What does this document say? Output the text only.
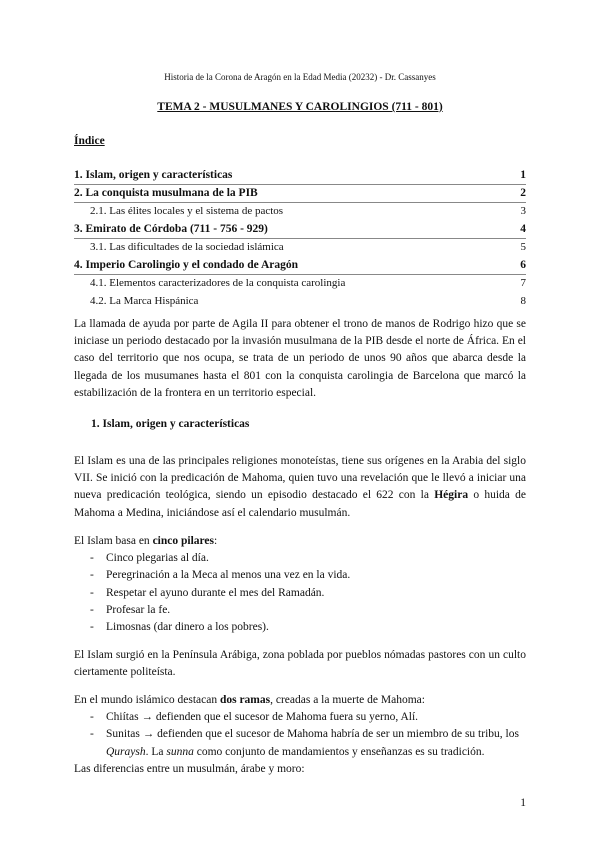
Historia de la Corona de Aragón en la Edad Media (20232) - Dr. Cassanyes
TEMA 2 - MUSULMANES Y CAROLINGIOS (711 - 801)
Índice
1. Islam, origen y características	1
2. La conquista musulmana de la PIB	2
2.1. Las élites locales y el sistema de pactos	3
3. Emirato de Córdoba (711 - 756 - 929)	4
3.1. Las dificultades de la sociedad islámica	5
4. Imperio Carolingio y el condado de Aragón	6
4.1. Elementos caracterizadores de la conquista carolingia	7
4.2. La Marca Hispánica	8
La llamada de ayuda por parte de Agila II para obtener el trono de manos de Rodrigo hizo que se iniciase un periodo destacado por la invasión musulmana de la PIB desde el norte de África. En el caso del territorio que nos ocupa, se trata de un periodo de unos 90 años que abarca desde la llegada de los musumanes hasta el 801 con la conquista carolingia de Barcelona que marcó la estabilización de la frontera en un territorio especial.
1. Islam, origen y características
El Islam es una de las principales religiones monoteístas, tiene sus orígenes en la Arabia del siglo VII. Se inició con la predicación de Mahoma, quien tuvo una revelación que le llevó a iniciar una nueva predicación teológica, siendo un episodio destacado el 622 con la Hégira o huida de Mahoma a Medina, iniciándose así el calendario musulmán.
El Islam basa en cinco pilares:
- Cinco plegarias al día.
- Peregrinación a la Meca al menos una vez en la vida.
- Respetar el ayuno durante el mes del Ramadán.
- Profesar la fe.
- Limosnas (dar dinero a los pobres).
El Islam surgió en la Península Arábiga, zona poblada por pueblos nómadas pastores con un culto ciertamente politeísta.
En el mundo islámico destacan dos ramas, creadas a la muerte de Mahoma:
- Chiítas → defienden que el sucesor de Mahoma fuera su yerno, Alí.
- Sunitas → defienden que el sucesor de Mahoma habría de ser un miembro de su tribu, los Quraysh. La sunna como conjunto de mandamientos y enseñanzas es su tradición.
Las diferencias entre un musulmán, árabe y moro:
1
